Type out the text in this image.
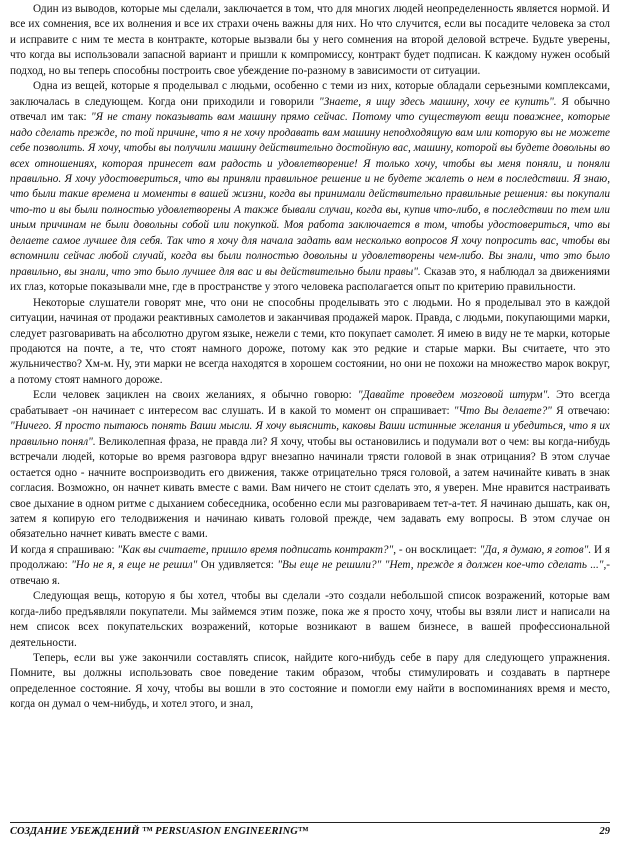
Один из выводов, которые мы сделали, заключается в том, что для многих людей неопределенность является нормой. И все их сомнения, все их волнения и все их страхи очень важны для них. Но что случится, если вы посадите человека за стол и исправите с ним те места в контракте, которые вызвали бы у него сомнения на второй деловой встрече. Будьте уверены, что когда вы использовали запасной вариант и пришли к компромиссу, контракт будет подписан. К каждому нужен особый подход, но вы теперь способны построить свое убеждение по-разному в зависимости от ситуации.

Одна из вещей, которые я проделывал с людьми, особенно с теми из них, которые обладали серьезными комплексами, заключалась в следующем. Когда они приходили и говорили "Знаете, я ищу здесь машину, хочу ее купить". Я обычно отвечал им так: "Я не стану показывать вам машину прямо сейчас. Потому что существуют вещи поважнее, которые надо сделать прежде, по той причине, что я не хочу продавать вам машину неподходящую вам или которую вы не можете себе позволить. Я хочу, чтобы вы получили машину действительно достойную вас, машину, которой вы будете довольны во всех отношениях, которая принесет вам радость и удовлетворение! Я только хочу, чтобы вы меня поняли, и поняли правильно. Я хочу удостовериться, что вы приняли правильное решение и не будете жалеть о нем в последствии. Я знаю, что были такие времена и моменты в вашей жизни, когда вы принимали действительно правильные решения: вы покупали что-то и вы были полностью удовлетворены А также бывали случаи, когда вы, купив что-либо, в последствии по тем или иным причинам не были довольны собой или покупкой. Моя работа заключается в том, чтобы удостовериться, что вы делаете самое лучшее для себя. Так что я хочу для начала задать вам несколько вопросов Я хочу попросить вас, чтобы вы вспомнили сейчас любой случай, когда вы были полностью довольны и удовлетворены чем-либо. Вы знали, что это было правильно, вы знали, что это было лучшее для вас и вы действительно были правы". Сказав это, я наблюдал за движениями их глаз, которые показывали мне, где в пространстве у этого человека располагается опыт по критерию правильности.

Некоторые слушатели говорят мне, что они не способны проделывать это с людьми. Но я проделывал это в каждой ситуации, начиная от продажи реактивных самолетов и заканчивая продажей марок. Правда, с людьми, покупающими марки, следует разговаривать на абсолютно другом языке, нежели с теми, кто покупает самолет. Я имею в виду не те марки, которые продаются на почте, а те, что стоят намного дороже, потому как это редкие и старые марки. Вы считаете, что это жульничество? Хм-м. Ну, эти марки не всегда находятся в хорошем состоянии, но они не похожи на множество марок вокруг, а потому стоят намного дороже.

Если человек зациклен на своих желаниях, я обычно говорю: "Давайте проведем мозговой штурм". Это всегда срабатывает -он начинает с интересом вас слушать. И в какой то момент он спрашивает: "Что Вы делаете?" Я отвечаю: "Ничего. Я просто пытаюсь понять Ваши мысли. Я хочу выяснить, каковы Ваши истинные желания и убедиться, что я их правильно понял". Великолепная фраза, не правда ли? Я хочу, чтобы вы остановились и подумали вот о чем: вы когда-нибудь встречали людей, которые во время разговора вдруг внезапно начинали трясти головой в знак отрицания? В этом случае остается одно - начните воспроизводить его движения, также отрицательно тряся головой, а затем начинайте кивать в знак согласия. Возможно, он начнет кивать вместе с вами. Вам ничего не стоит сделать это, я уверен. Мне нравится настраивать свое дыхание в одном ритме с дыханием собеседника, особенно если мы разговариваем тет-а-тет. Я начинаю дышать, как он, затем я копирую его телодвижения и начинаю кивать головой прежде, чем задавать ему вопросы. В этом случае он обязательно начнет кивать вместе с вами.

И когда я спрашиваю: "Как вы считаете, пришло время подписать контракт?", - он восклицает: "Да, я думаю, я готов". И я продолжаю: "Но не я, я еще не решил" Он удивляется: "Вы еще не решили?" "Нет, прежде я должен кое-что сделать ...",- отвечаю я.

Следующая вещь, которую я бы хотел, чтобы вы сделали -это создали небольшой список возражений, которые вам когда-либо предъявляли покупатели. Мы займемся этим позже, пока же я просто хочу, чтобы вы взяли лист и написали на нем список всех покупательских возражений, которые возникают в вашем бизнесе, в вашей профессиональной деятельности.

Теперь, если вы уже закончили составлять список, найдите кого-нибудь себе в пару для следующего упражнения. Помните, вы должны использовать свое поведение таким образом, чтобы стимулировать и создавать в партнере определенное состояние. Я хочу, чтобы вы вошли в это состояние и помогли ему найти в воспоминаниях время и место, когда он думал о чем-нибудь, и хотел этого, и знал,

СОЗДАНИЕ УБЕЖДЕНИЙ ™ PERSUASION ENGINEERING™	29
